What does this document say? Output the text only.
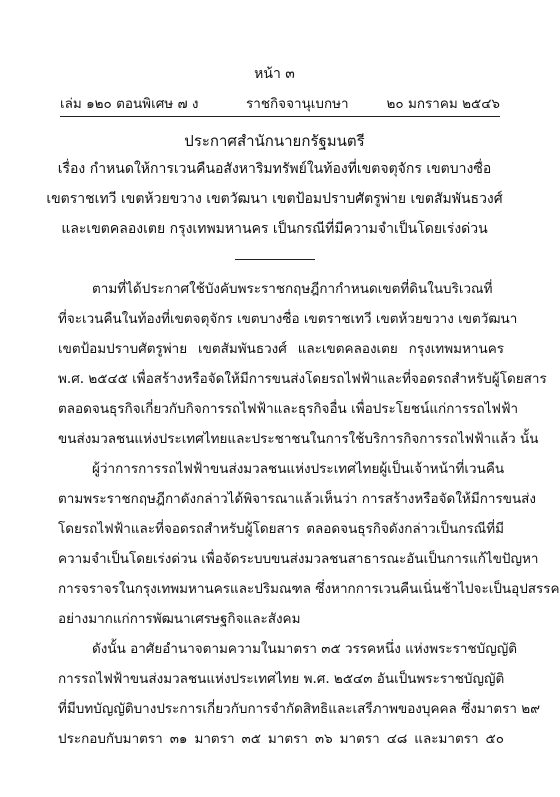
หน้า ๓
เล่ม ๑๒๐ ตอนพิเศษ ๗ ง	ราชกิจจานุเบกษา	๒๐ มกราคม ๒๕๔๖
ประกาศสำนักนายกรัฐมนตรี
เรื่อง กำหนดให้การเวนคืนอสังหาริมทรัพย์ในท้องที่เขตจตุจักร เขตบางซื่อ
เขตราชเทวี เขตห้วยขวาง เขตวัฒนา เขตป้อมปราบศัตรูพ่าย เขตสัมพันธวงศ์
และเขตคลองเตย กรุงเทพมหานคร เป็นกรณีที่มีความจำเป็นโดยเร่งด่วน
ตามที่ได้ประกาศใช้บังคับพระราชกฤษฎีกากำหนดเขตที่ดินในบริเวณที่
ที่จะเวนคืนในท้องที่เขตจตุจักร เขตบางซื่อ เขตราชเทวี เขตห้วยขวาง เขตวัฒนา
เขตป้อมปราบศัตรูพ่าย เขตสัมพันธวงศ์ และเขตคลองเตย กรุงเทพมหานคร
พ.ศ. ๒๕๔๕ เพื่อสร้างหรือจัดให้มีการขนส่งโดยรถไฟฟ้าและที่จอดรถสำหรับผู้โดยสาร
ตลอดจนธุรกิจเกี่ยวกับกิจการรถไฟฟ้าและธุรกิจอื่น เพื่อประโยชน์แก่การรถไฟฟ้า
ขนส่งมวลชนแห่งประเทศไทยและประชาชนในการใช้บริการกิจการรถไฟฟ้าแล้ว นั้น
ผู้ว่าการการรถไฟฟ้าขนส่งมวลชนแห่งประเทศไทยผู้เป็นเจ้าหน้าที่เวนคืน
ตามพระราชกฤษฎีกาดังกล่าวได้พิจารณาแล้วเห็นว่า การสร้างหรือจัดให้มีการขนส่ง
โดยรถไฟฟ้าและที่จอดรถสำหรับผู้โดยสาร ตลอดจนธุรกิจดังกล่าวเป็นกรณีที่มี
ความจำเป็นโดยเร่งด่วน เพื่อจัดระบบขนส่งมวลชนสาธารณะอันเป็นการแก้ไขปัญหา
การจราจรในกรุงเทพมหานครและปริมณฑล ซึ่งหากการเวนคืนเนิ่นช้าไปจะเป็นอุปสรรค
อย่างมากแก่การพัฒนาเศรษฐกิจและสังคม
ดังนั้น อาศัยอำนาจตามความในมาตรา ๓๕ วรรคหนึ่ง แห่งพระราชบัญญัติ
การรถไฟฟ้าขนส่งมวลชนแห่งประเทศไทย พ.ศ. ๒๕๔๓ อันเป็นพระราชบัญญัติ
ที่มีบทบัญญัติบางประการเกี่ยวกับการจำกัดสิทธิและเสรีภาพของบุคคล ซึ่งมาตรา ๒๙
ประกอบกับมาตรา ๓๑ มาตรา ๓๕ มาตรา ๓๖ มาตรา ๔๘ และมาตรา ๕๐
